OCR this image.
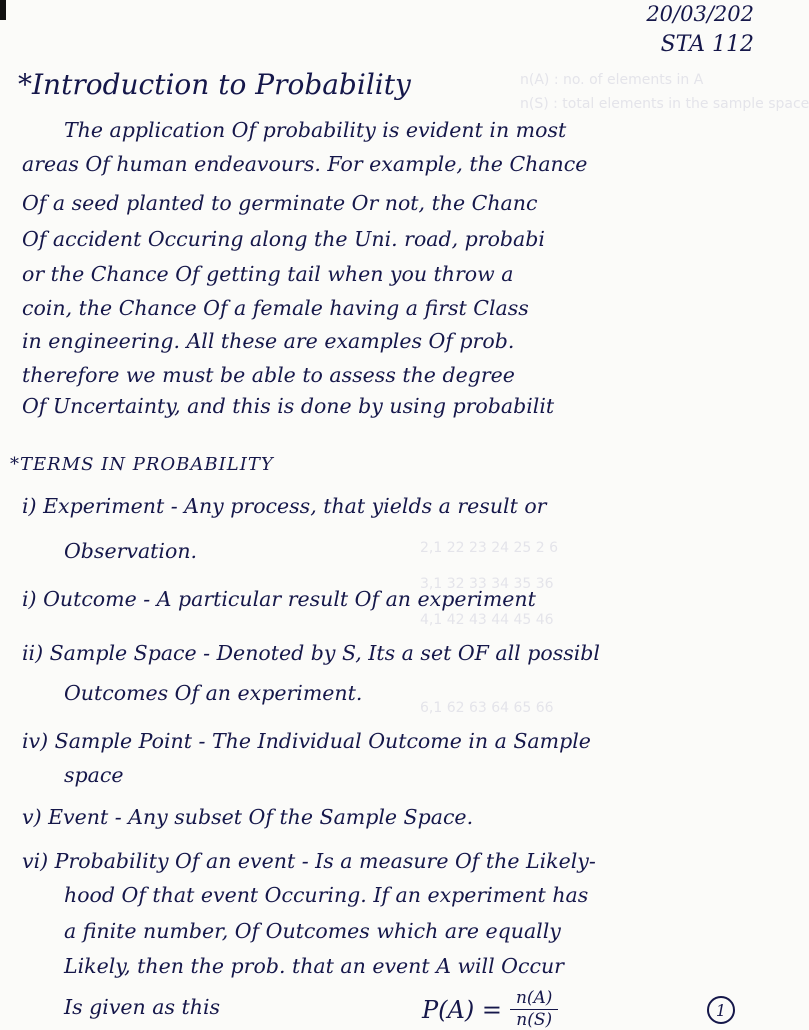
n(A) : no. of elements in A
n(S) : total elements in the sample space
2,1 22 23 24 25 2 6
3,1 32 33 34 35 36
4,1 42 43 44 45 46
6,1 62 63 64 65 66
20/03/202
STA 112
*Introduction to Probability
The application Of probability is evident in most
areas Of human endeavours. For example, the Chance
Of a seed planted to germinate Or not, the Chanc
Of accident Occuring along the Uni. road, probabi
or the Chance Of getting tail when you throw a
coin, the Chance Of a female having a first Class
in engineering. All these are examples Of prob.
therefore we must be able to assess the degree
Of Uncertainty, and this is done by using probabilit
*TERMS IN PROBABILITY
i) Experiment - Any process, that yields a result or
Observation.
i) Outcome - A particular result Of an experiment
ii) Sample Space - Denoted by S, Its a set OF all possibl
Outcomes Of an experiment.
iv) Sample Point - The Individual Outcome in a Sample
space
v) Event - Any subset Of the Sample Space.
vi) Probability Of an event - Is a measure Of the Likely-
hood Of that event Occuring. If an experiment has
a finite number, Of Outcomes which are equally
Likely, then the prob. that an event A will Occur
Is given as this	$P(A) = \frac{n(A)}{n(S)}$	1
